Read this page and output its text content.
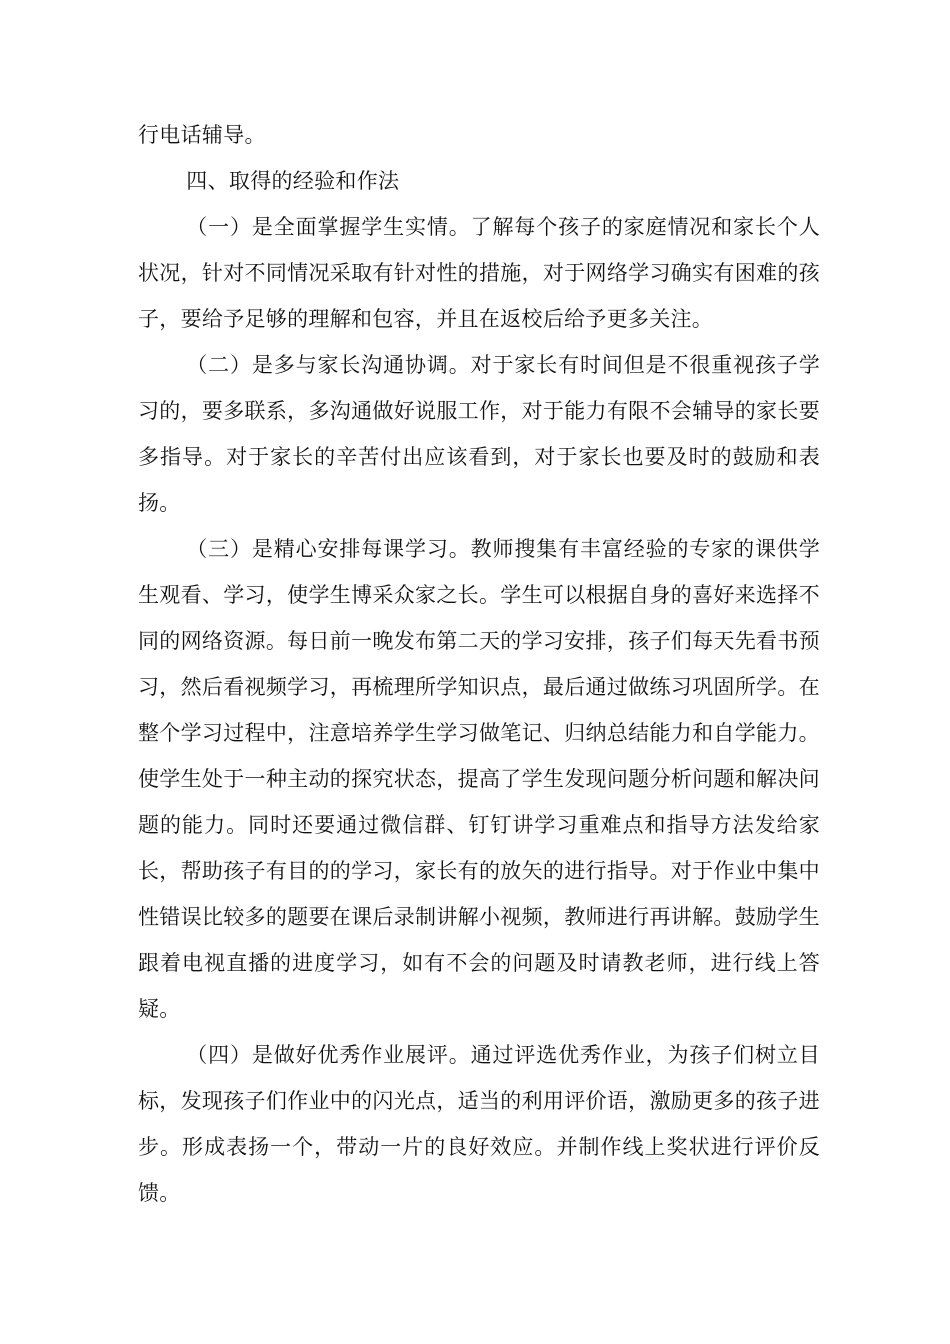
行电话辅导。

四、取得的经验和作法

（一）是全面掌握学生实情。了解每个孩子的家庭情况和家长个人状况，针对不同情况采取有针对性的措施，对于网络学习确实有困难的孩子，要给予足够的理解和包容，并且在返校后给予更多关注。

（二）是多与家长沟通协调。对于家长有时间但是不很重视孩子学习的，要多联系，多沟通做好说服工作，对于能力有限不会辅导的家长要多指导。对于家长的辛苦付出应该看到，对于家长也要及时的鼓励和表扬。

（三）是精心安排每课学习。教师搜集有丰富经验的专家的课供学生观看、学习，使学生博采众家之长。学生可以根据自身的喜好来选择不同的网络资源。每日前一晚发布第二天的学习安排，孩子们每天先看书预习，然后看视频学习，再梳理所学知识点，最后通过做练习巩固所学。在整个学习过程中，注意培养学生学习做笔记、归纳总结能力和自学能力。使学生处于一种主动的探究状态，提高了学生发现问题分析问题和解决问题的能力。同时还要通过微信群、钉钉讲学习重难点和指导方法发给家长，帮助孩子有目的的学习，家长有的放矢的进行指导。对于作业中集中性错误比较多的题要在课后录制讲解小视频，教师进行再讲解。鼓励学生跟着电视直播的进度学习，如有不会的问题及时请教老师，进行线上答疑。

（四）是做好优秀作业展评。通过评选优秀作业，为孩子们树立目标，发现孩子们作业中的闪光点，适当的利用评价语，激励更多的孩子进步。形成表扬一个，带动一片的良好效应。并制作线上奖状进行评价反馈。
